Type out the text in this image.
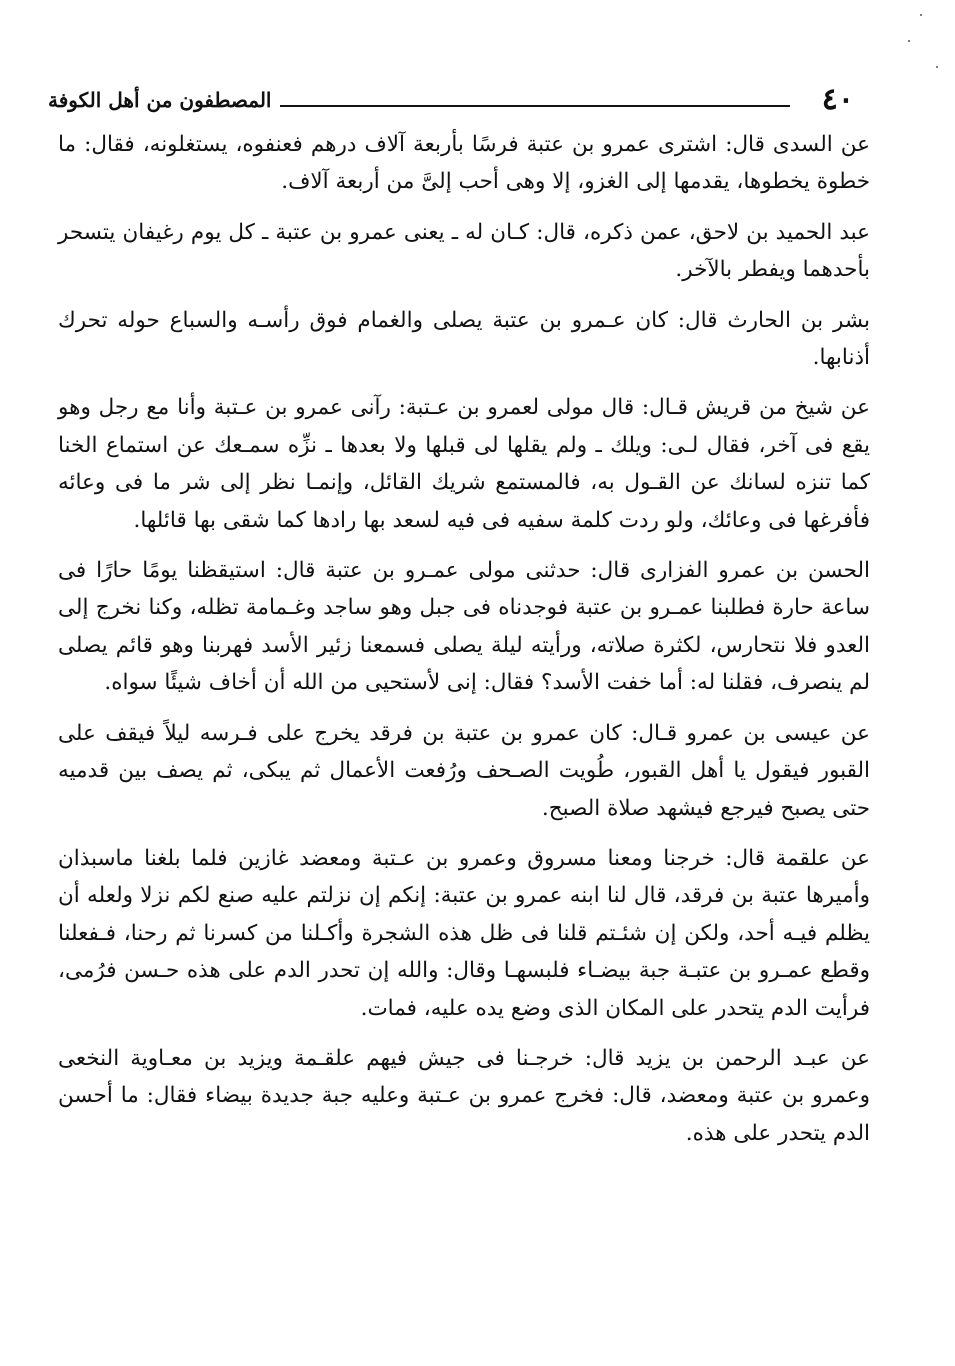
٤٠
المصطفون من أهل الكوفة

عن السدى قال: اشترى عمرو بن عتبة فرسًا بأربعة آلاف درهم فعنفوه، يستغلونه، فقال: ما خطوة يخطوها، يقدمها إلى الغزو، إلا وهى أحب إلىَّ من أربعة آلاف.

عبد الحميد بن لاحق، عمن ذكره، قال: كـان له ـ يعنى عمرو بن عتبة ـ كل يوم رغيفان يتسحر بأحدهما ويفطر بالآخر.

بشر بن الحارث قال: كان عـمرو بن عتبة يصلى والغمام فوق رأسـه والسباع حوله تحرك أذنابها.

عن شيخ من قريش قـال: قال مولى لعمرو بن عـتبة: رآنى عمرو بن عـتبة وأنا مع رجل وهو يقع فى آخر، فقال لـى: ويلك ـ ولم يقلها لى قبلها ولا بعدها ـ نزِّه سمـعك عن استماع الخنا كما تنزه لسانك عن القـول به، فالمستمع شريك القائل، وإنمـا نظر إلى شر ما فى وعائه فأفرغها فى وعائك، ولو ردت كلمة سفيه فى فيه لسعد بها رادها كما شقى بها قائلها.

الحسن بن عمرو الفزارى قال: حدثنى مولى عمـرو بن عتبة قال: استيقظنا يومًا حارًا فى ساعة حارة فطلبنا عمـرو بن عتبة فوجدناه فى جبل وهو ساجد وغـمامة تظله، وكنا نخرج إلى العدو فلا نتحارس، لكثرة صلاته، ورأيته ليلة يصلى فسمعنا زئير الأسد فهربنا وهو قائم يصلى لم ينصرف، فقلنا له: أما خفت الأسد؟ فقال: إنى لأستحيى من الله أن أخاف شيئًا سواه.

عن عيسى بن عمرو قـال: كان عمرو بن عتبة بن فرقد يخرج على فـرسه ليلاً فيقف على القبور فيقول يا أهل القبور، طُويت الصـحف ورُفعت الأعمال ثم يبكى، ثم يصف بين قدميه حتى يصبح فيرجع فيشهد صلاة الصبح.

عن علقمة قال: خرجنا ومعنا مسروق وعمرو بن عـتبة ومعضد غازين فلما بلغنا ماسبذان وأميرها عتبة بن فرقد، قال لنا ابنه عمرو بن عتبة: إنكم إن نزلتم عليه صنع لكم نزلا ولعله أن يظلم فيـه أحد، ولكن إن شئـتم قلنا فى ظل هذه الشجرة وأكـلنا من كسرنا ثم رحنا، فـفعلنا وقطع عمـرو بن عتبـة جبة بيضـاء فلبسهـا وقال: والله إن تحدر الدم على هذه حـسن فرُمى، فرأيت الدم يتحدر على المكان الذى وضع يده عليه، فمات.

عن عبـد الرحمن بن يزيد قال: خرجـنا فى جيش فيهم علقـمة ويزيد بن معـاوية النخعى وعمرو بن عتبة ومعضد، قال: فخرج عمرو بن عـتبة وعليه جبة جديدة بيضاء فقال: ما أحسن الدم يتحدر على هذه.
